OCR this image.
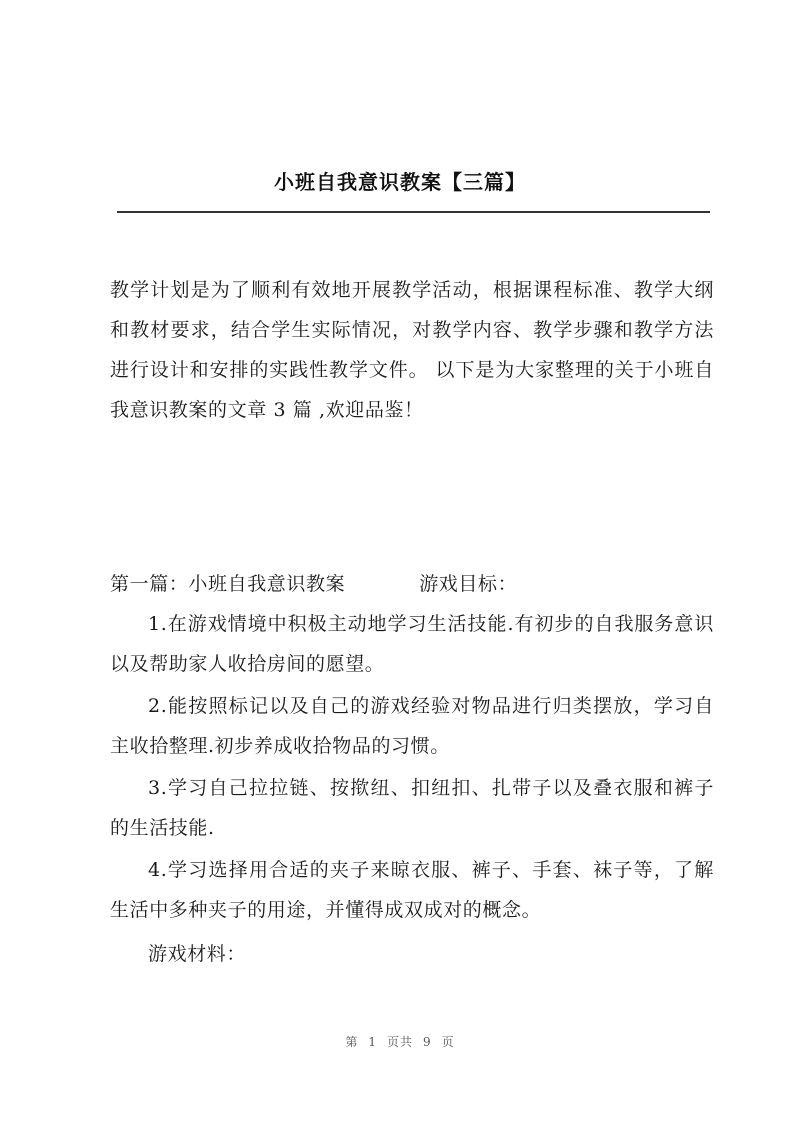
小班自我意识教案【三篇】

教学计划是为了顺利有效地开展教学活动，根据课程标准、教学大纲和教材要求，结合学生实际情况，对教学内容、教学步骤和教学方法进行设计和安排的实践性教学文件。 以下是为大家整理的关于小班自我意识教案的文章 3 篇 ,欢迎品鉴！

第一篇：小班自我意识教案	游戏目标：

1.在游戏情境中积极主动地学习生活技能.有初步的自我服务意识以及帮助家人收拾房间的愿望。

2.能按照标记以及自己的游戏经验对物品进行归类摆放，学习自主收拾整理.初步养成收拾物品的习惯。

3.学习自己拉拉链、按揿纽、扣纽扣、扎带子以及叠衣服和裤子的生活技能.

4.学习选择用合适的夹子来晾衣服、裤子、手套、袜子等，了解生活中多种夹子的用途，并懂得成双成对的概念。

游戏材料：

第 1 页共 9 页
